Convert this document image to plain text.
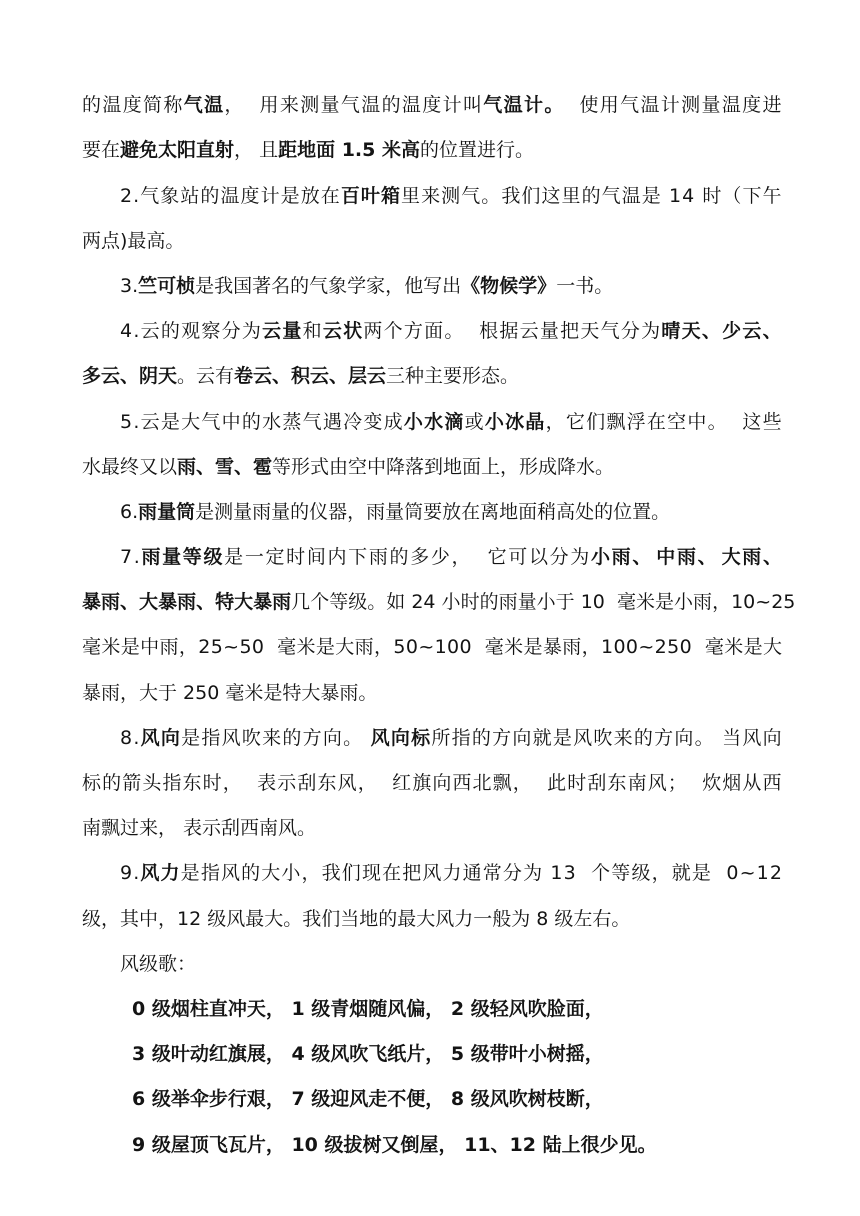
的 温 度 简 称 气 温 ，

用 来 测 量 气 温 的 温 度 计 叫 气 温 计 。

使 用 气 温 计 测 量 温 度 进
要在避免太阳直射， 且距地面 1.5 米高的位置进行。
2 . 气 象 站 的 温 度 计 是 放 在 百 叶 箱 里 来 测 气 。 我 们 这 里 的 气 温 是
1 4
时 （ 下 午
两点)最高。
3.竺可桢是我国著名的气象学家，他写出《物候学》一书。
4 . 云 的 观 察 分 为 云 量 和 云 状 两 个 方 面 。

根 据 云 量 把 天 气 分 为 晴 天 、 少 云 、
多云、阴天。云有卷云、积云、层云三种主要形态。
5 . 云 是 大 气 中 的 水 蒸 气 遇 冷 变 成 小 水 滴 或 小 冰 晶 ， 它 们 飘 浮 在 空 中 。

这 些
水最终又以雨、雪、雹等形式由空中降落到地面上，形成降水。
6.雨量筒是测量雨量的仪器，雨量筒要放在离地面稍高处的位置。
7 . 雨 量 等 级 是 一 定 时 间 内 下 雨 的 多 少 ，

它 可 以 分 为 小 雨 、 中 雨 、 大 雨 、
暴 雨 、 大 暴 雨 、 特 大 暴 雨 几 个 等 级 。 如
2 4
小 时 的 雨 量 小 于
1 0

毫 米 是 小 雨 ， 1 0 ~ 2 5
毫 米 是 中 雨 ， 2 5 ~ 5 0

毫 米 是 大 雨 ， 5 0 ~ 1 0 0

毫 米 是 暴 雨 ， 1 0 0 ~ 2 5 0

毫 米 是 大
暴雨，大于 250 毫米是特大暴雨。
8 . 风 向 是 指 风 吹 来 的 方 向 。
风 向 标 所 指 的 方 向 就 是 风 吹 来 的 方 向 。
当 风 向
标 的 箭 头 指 东 时 ，

表 示 刮 东 风 ，

红 旗 向 西 北 飘 ，

此 时 刮 东 南 风 ；

炊 烟 从 西
南飘过来， 表示刮西南风。
9 . 风 力 是 指 风 的 大 小 ， 我 们 现 在 把 风 力 通 常 分 为
1 3

个 等 级 ， 就 是

0 ~ 1 2
级，其中，12 级风最大。我们当地的最大风力一般为 8 级左右。
风级歌：
0 级烟柱直冲天， 1 级青烟随风偏， 2 级轻风吹脸面，
3 级叶动红旗展， 4 级风吹飞纸片， 5 级带叶小树摇，
6 级举伞步行艰， 7 级迎风走不便， 8 级风吹树枝断，
9 级屋顶飞瓦片， 10 级拔树又倒屋， 11、12 陆上很少见。
